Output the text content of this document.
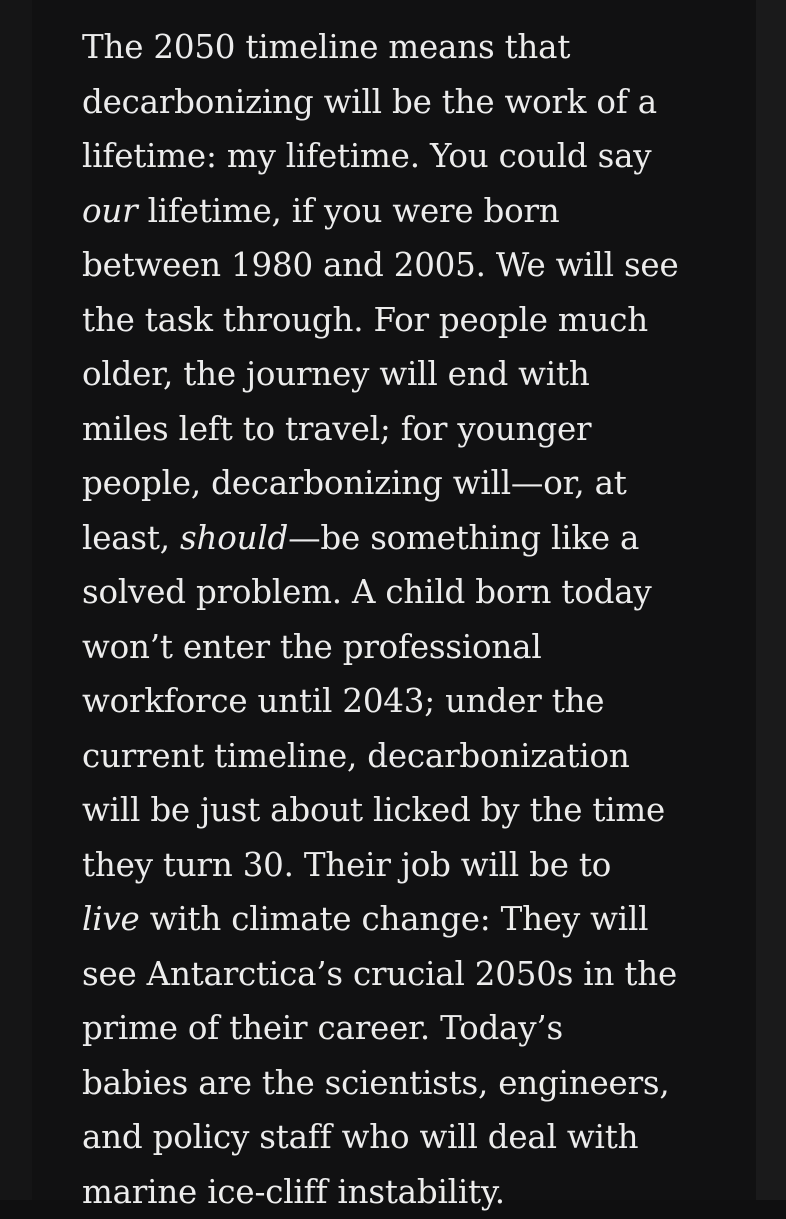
The 2050 timeline means that
decarbonizing will be the work of a
lifetime: my lifetime. You could say
our lifetime, if you were born
between 1980 and 2005. We will see
the task through. For people much
older, the journey will end with
miles left to travel; for younger
people, decarbonizing will—or, at
least, should—be something like a
solved problem. A child born today
won’t enter the professional
workforce until 2043; under the
current timeline, decarbonization
will be just about licked by the time
they turn 30. Their job will be to
live with climate change: They will
see Antarctica’s crucial 2050s in the
prime of their career. Today’s
babies are the scientists, engineers,
and policy staff who will deal with
marine ice-cliff instability.
